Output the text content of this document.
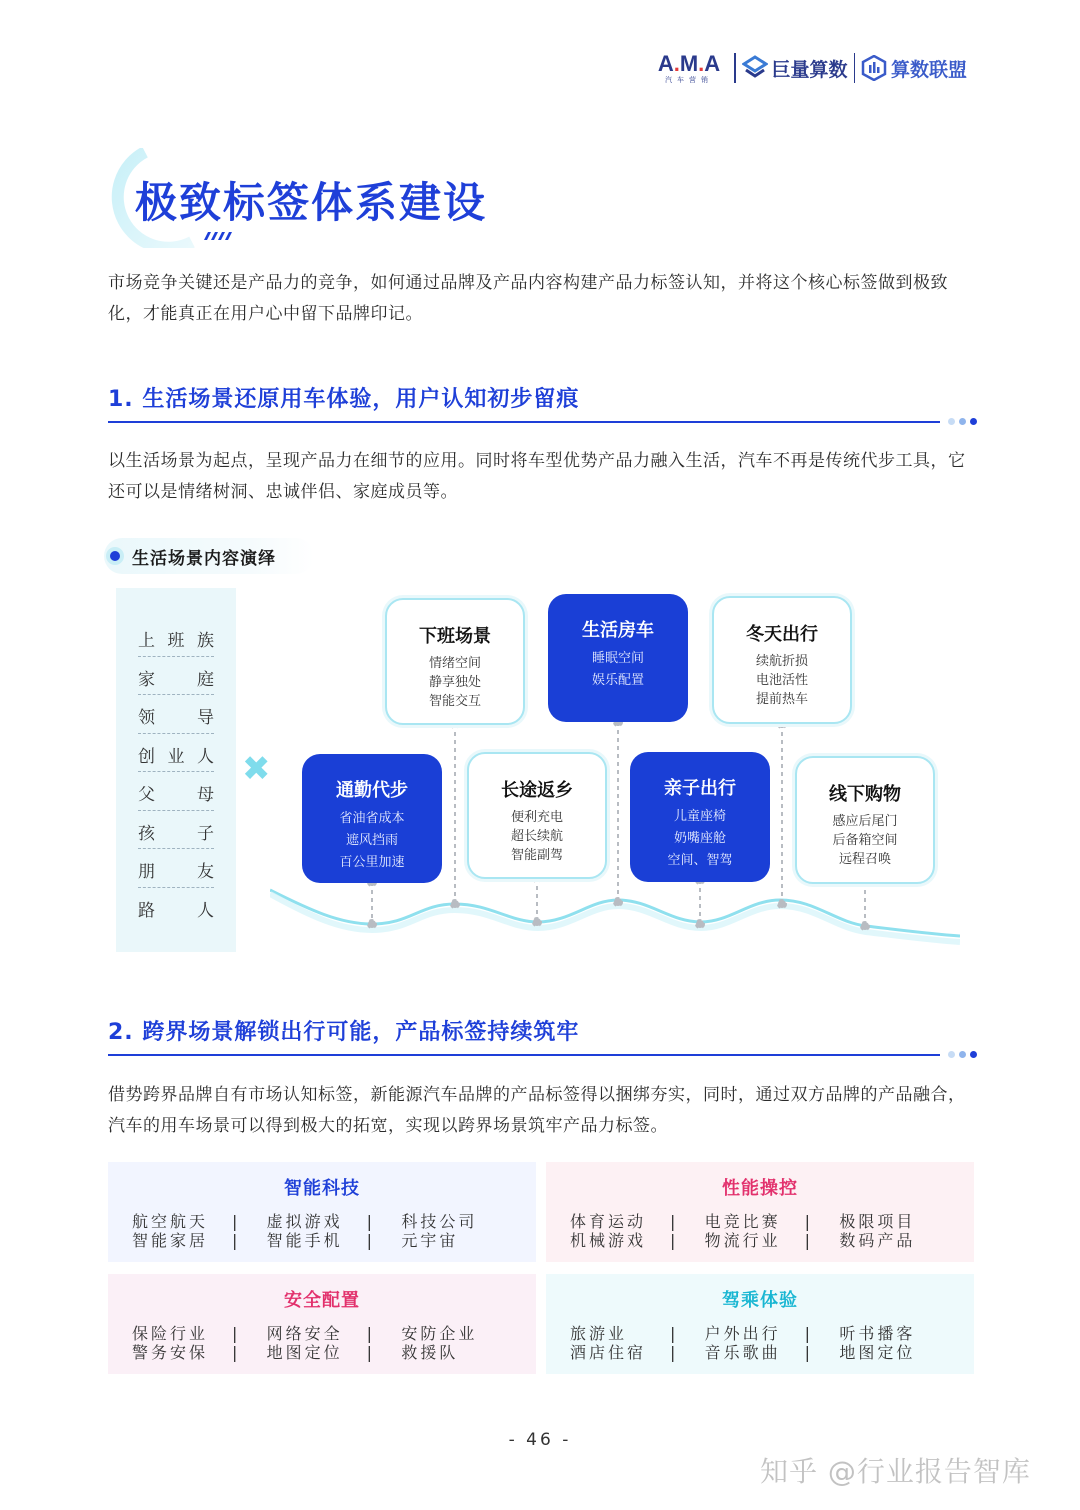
A.M.A
汽车营销	巨量算数 算数联盟
极致标签体系建设
市场竞争关键还是产品力的竞争，如何通过品牌及产品内容构建产品力标签认知，并将这个核心标签做到极致化，才能真正在用户心中留下品牌印记。
1. 生活场景还原用车体验，用户认知初步留痕
以生活场景为起点，呈现产品力在细节的应用。同时将车型优势产品力融入生活，汽车不再是传统代步工具，它还可以是情绪树洞、忠诚伴侣、家庭成员等。
生活场景内容演绎
上 班 族
家 庭
领 导
创 业 人
父 母
孩 子
朋 友
路 人
✖
下班场景
情绪空间
静享独处
智能交互
生活房车
睡眠空间
娱乐配置
冬天出行
续航折损
电池活性
提前热车
通勤代步
省油省成本
遮风挡雨
百公里加速
长途返乡
便利充电
超长续航
智能副驾
亲子出行
儿童座椅
奶嘴座舱
空间、智驾
线下购物
感应后尾门
后备箱空间
远程召唤
2. 跨界场景解锁出行可能，产品标签持续筑牢
借势跨界品牌自有市场认知标签，新能源汽车品牌的产品标签得以捆绑夯实，同时，通过双方品牌的产品融合，汽车的用车场景可以得到极大的拓宽，实现以跨界场景筑牢产品力标签。
智能科技
航空航天	|	虚拟游戏	|	科技公司
智能家居	|	智能手机	|	元宇宙
性能操控
体育运动	|	电竞比赛	|	极限项目
机械游戏	|	物流行业	|	数码产品
安全配置
保险行业	|	网络安全	|	安防企业
警务安保	|	地图定位	|	救援队
驾乘体验
旅游业	|	户外出行	|	听书播客
酒店住宿	|	音乐歌曲	|	地图定位
- 46 -
知乎 @行业报告智库
